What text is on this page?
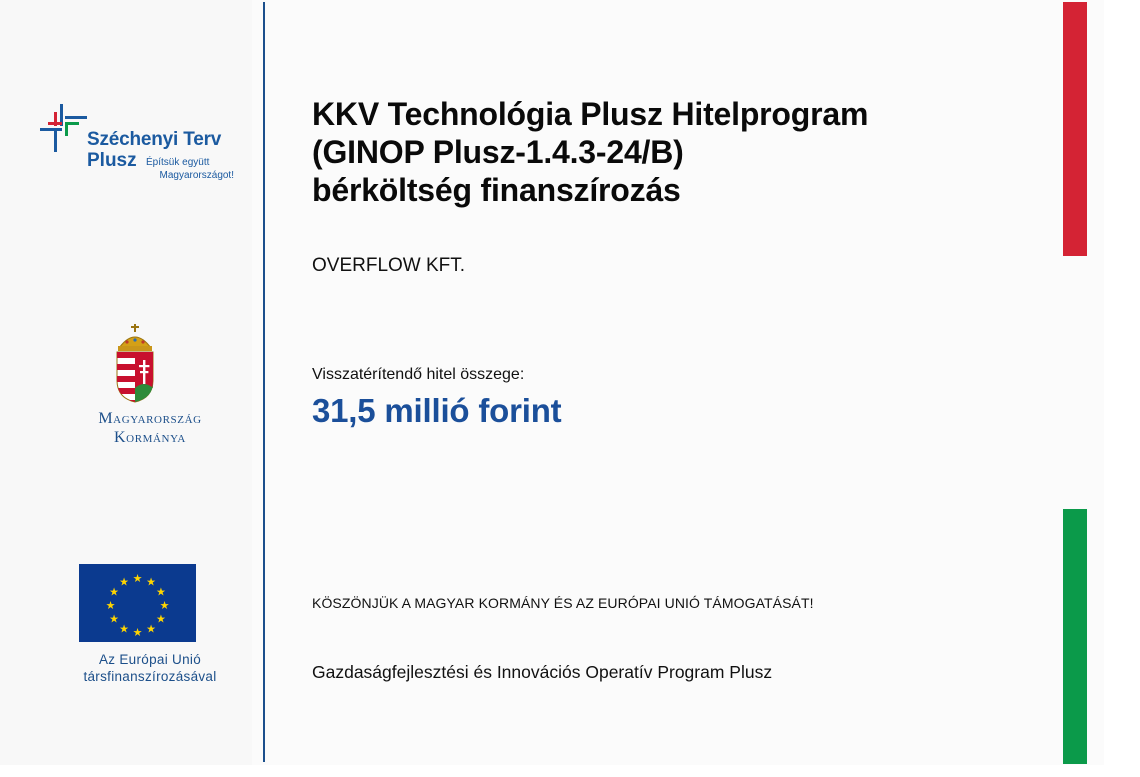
Széchenyi Terv
Plusz Építsük együtt
Magyarországot!
Magyarország
Kormánya
★ ★
★
★
★
★
★
★
★
★
★
★
Az Európai Unió
társfinanszírozásával
KKV Technológia Plusz Hitelprogram
(GINOP Plusz-1.4.3-24/B)
bérköltség finanszírozás
OVERFLOW KFT.
Visszatérítendő hitel összege:
31,5 millió forint
KÖSZÖNJÜK A MAGYAR KORMÁNY ÉS AZ EURÓPAI UNIÓ TÁMOGATÁSÁT!
Gazdaságfejlesztési és Innovációs Operatív Program Plusz
